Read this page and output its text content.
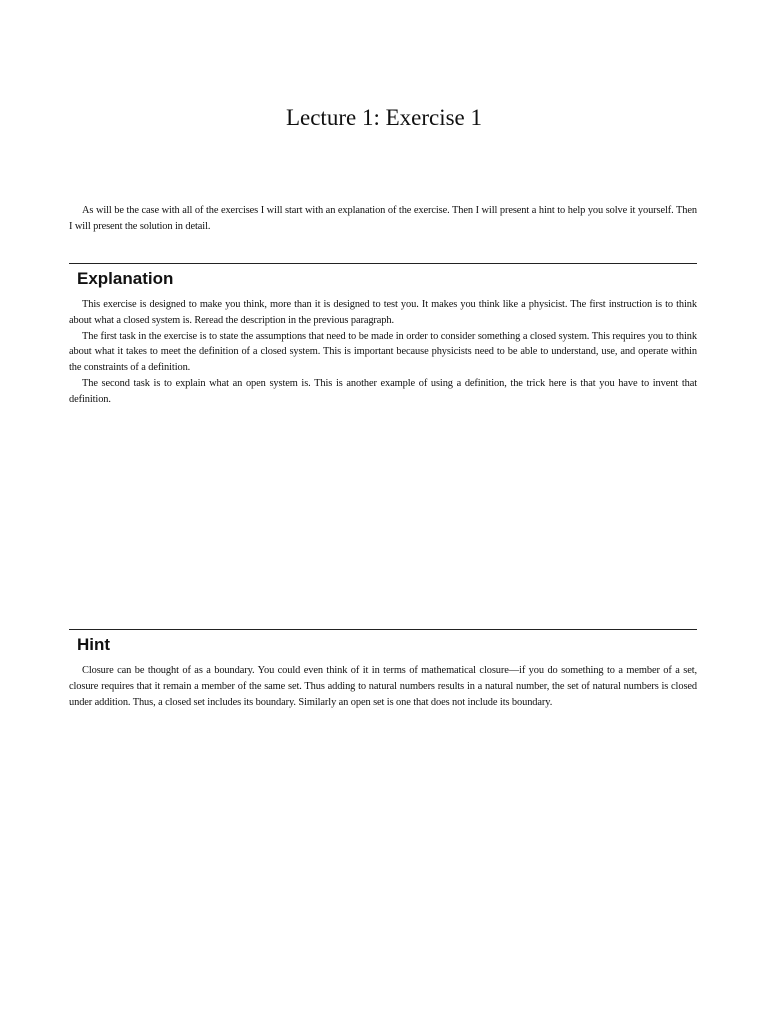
Lecture 1: Exercise 1

As will be the case with all of the exercises I will start with an explanation of the exercise. Then I will present a hint to help you solve it yourself. Then I will present the solution in detail.

Explanation

This exercise is designed to make you think, more than it is designed to test you. It makes you think like a physicist. The first instruction is to think about what a closed system is. Reread the description in the previous paragraph.

The first task in the exercise is to state the assumptions that need to be made in order to consider something a closed system. This requires you to think about what it takes to meet the definition of a closed system. This is important because physicists need to be able to understand, use, and operate within the constraints of a definition.

The second task is to explain what an open system is. This is another example of using a definition, the trick here is that you have to invent that definition.

Hint

Closure can be thought of as a boundary. You could even think of it in terms of mathematical closure—if you do something to a member of a set, closure requires that it remain a member of the same set. Thus adding to natural numbers results in a natural number, the set of natural numbers is closed under addition. Thus, a closed set includes its boundary. Similarly an open set is one that does not include its boundary.
